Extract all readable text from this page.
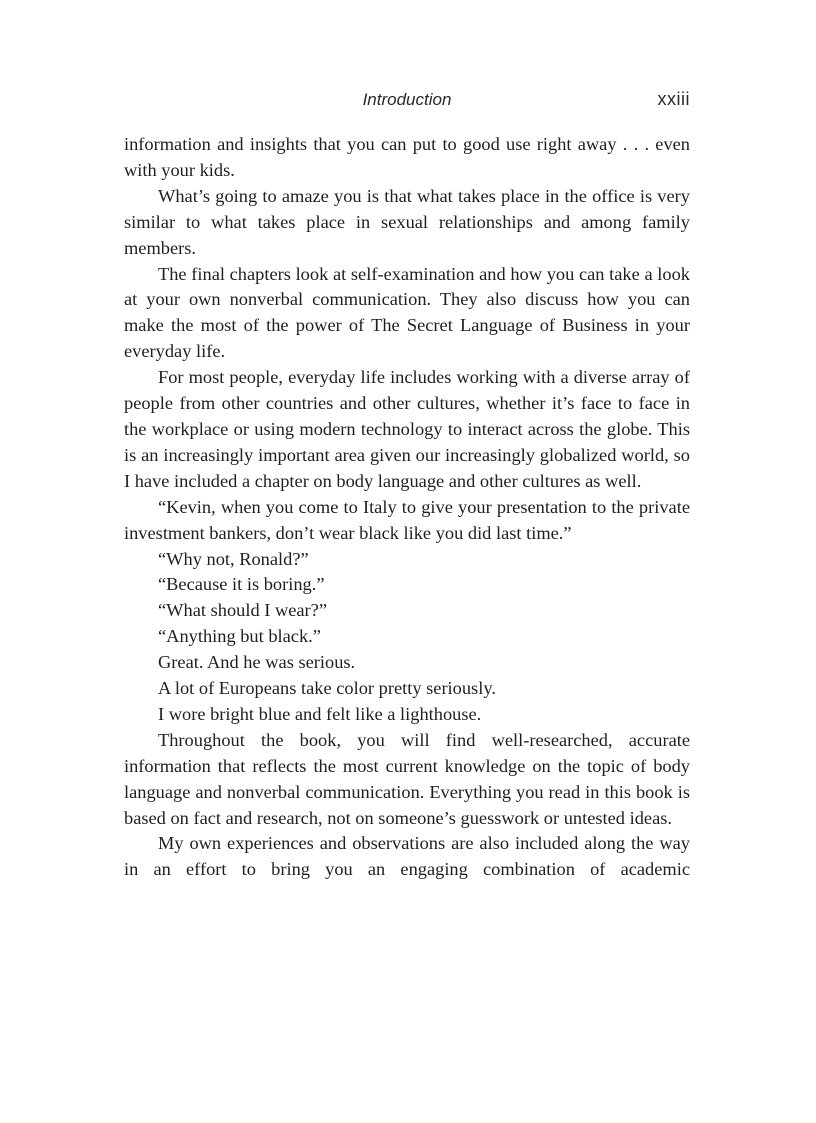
Introduction	xxiii

information and insights that you can put to good use right away . . . even with your kids.

What’s going to amaze you is that what takes place in the office is very similar to what takes place in sexual relationships and among family members.

The final chapters look at self-examination and how you can take a look at your own nonverbal communication. They also discuss how you can make the most of the power of The Secret Language of Business in your everyday life.

For most people, everyday life includes working with a diverse array of people from other countries and other cultures, whether it’s face to face in the workplace or using modern technology to interact across the globe. This is an increasingly important area given our increasingly globalized world, so I have included a chapter on body language and other cultures as well.

“Kevin, when you come to Italy to give your presentation to the private investment bankers, don’t wear black like you did last time.”

“Why not, Ronald?”

“Because it is boring.”

“What should I wear?”

“Anything but black.”

Great. And he was serious.

A lot of Europeans take color pretty seriously.

I wore bright blue and felt like a lighthouse.

Throughout the book, you will find well-researched, accurate information that reflects the most current knowledge on the topic of body language and nonverbal communication. Everything you read in this book is based on fact and research, not on someone’s guesswork or untested ideas.

My own experiences and observations are also included along the way in an effort to bring you an engaging combination of academic
